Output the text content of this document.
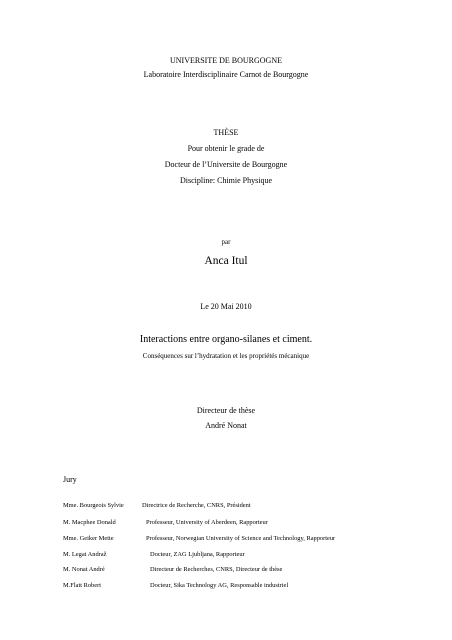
UNIVERSITE DE BOURGOGNE
Laboratoire Interdisciplinaire Carnot de Bourgogne
THÈSE
Pour obtenir le grade de
Docteur de l’Universite de Bourgogne
Discipline: Chimie Physique
par
Anca Itul
Le 20 Mai 2010
Interactions entre organo-silanes et ciment.
Conséquences sur l’hydratation et les propriétés mécanique
Directeur de thèse
André Nonat
Jury
Mme. Bourgeois Sylvie	Directrice de Recherche, CNRS, Président
M. Macphee Donald	Professeur, University of Aberdeen, Rapporteur
Mme. Geiker Mette	Professeur, Norwegian University of Science and Technology, Rapporteur
M. Legat Andraž	Docteur, ZAG Ljubljana, Rapporteur
M. Nonat André	Directeur de Recherches, CNRS, Directeur de thèse
M.Flatt Robert	Docteur, Sika Technology AG, Responsable industriel
